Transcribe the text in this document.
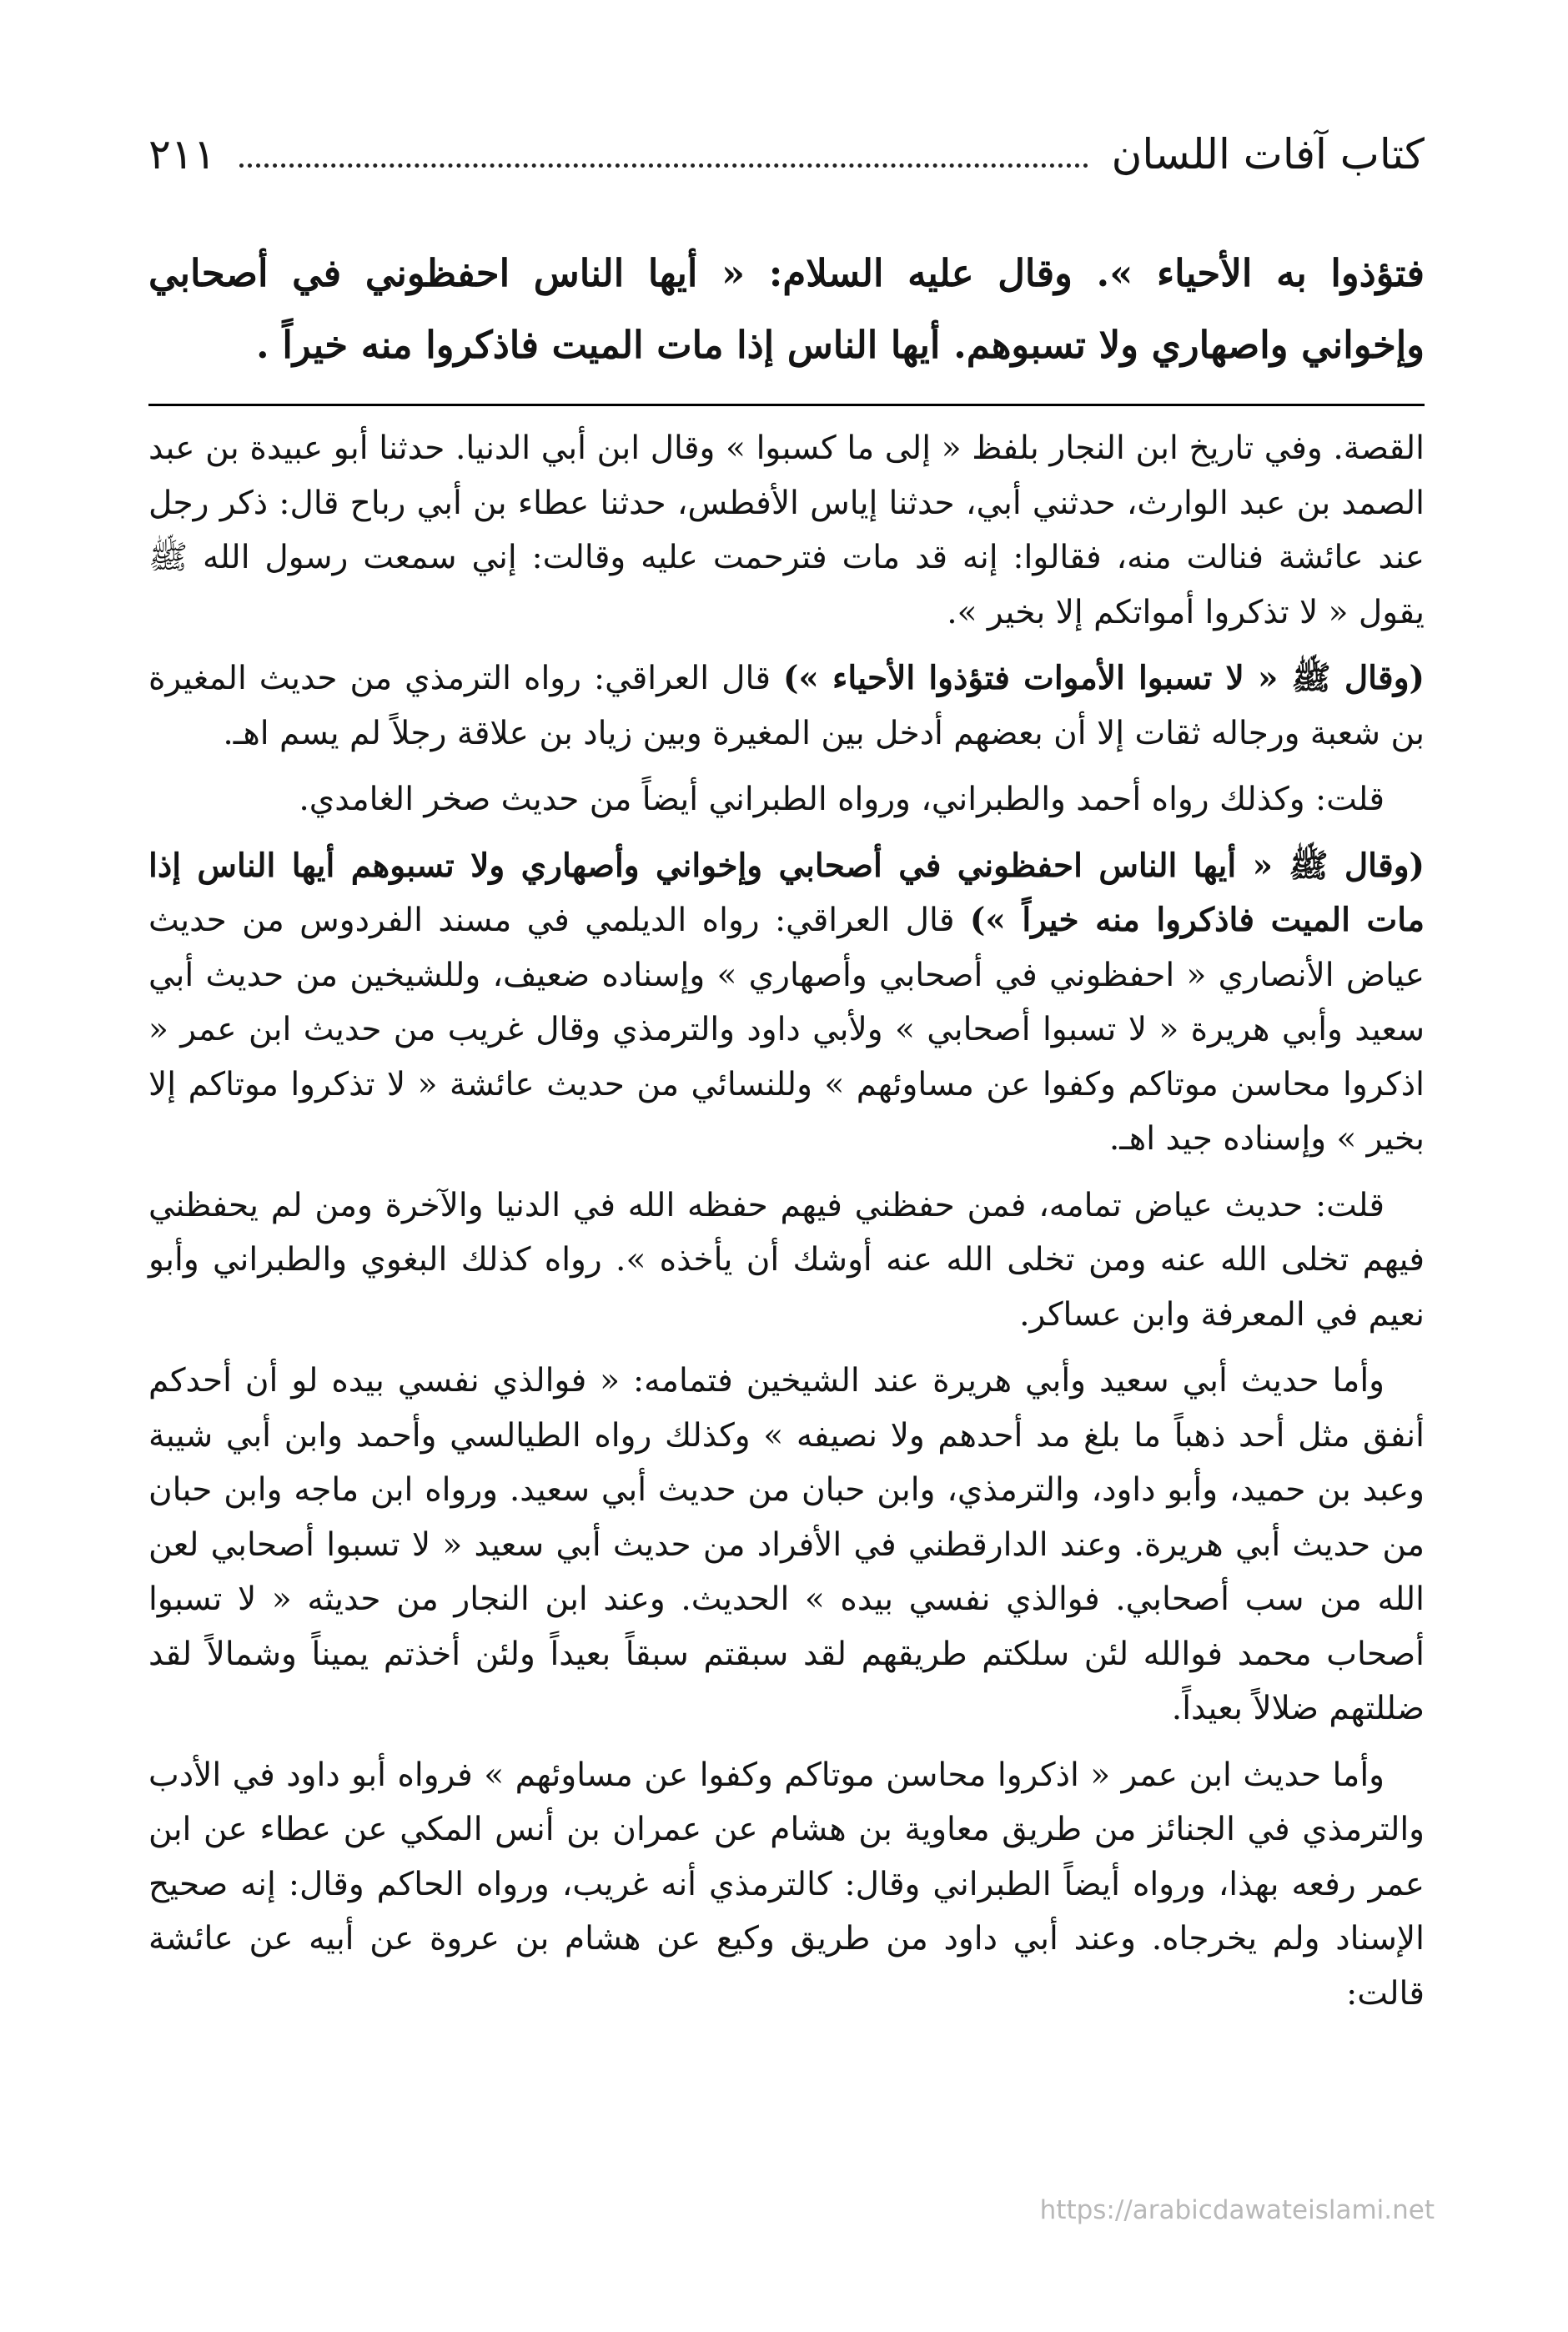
كتاب آفات اللسان
٢١١
فتؤذوا به الأحياء ». وقال عليه السلام: « أيها الناس احفظوني في أصحابي وإخواني واصهاري ولا تسبوهم. أيها الناس إذا مات الميت فاذكروا منه خيراً .

القصة. وفي تاريخ ابن النجار بلفظ « إلى ما كسبوا » وقال ابن أبي الدنيا. حدثنا أبو عبيدة بن عبد الصمد بن عبد الوارث، حدثني أبي، حدثنا إياس الأفطس، حدثنا عطاء بن أبي رباح قال: ذكر رجل عند عائشة فنالت منه، فقالوا: إنه قد مات فترحمت عليه وقالت: إني سمعت رسول الله ﷺ يقول « لا تذكروا أمواتكم إلا بخير ».

(وقال ﷺ « لا تسبوا الأموات فتؤذوا الأحياء ») قال العراقي: رواه الترمذي من حديث المغيرة بن شعبة ورجاله ثقات إلا أن بعضهم أدخل بين المغيرة وبين زياد بن علاقة رجلاً لم يسم اهـ.

قلت: وكذلك رواه أحمد والطبراني، ورواه الطبراني أيضاً من حديث صخر الغامدي.

(وقال ﷺ « أيها الناس احفظوني في أصحابي وإخواني وأصهاري ولا تسبوهم أيها الناس إذا مات الميت فاذكروا منه خيراً ») قال العراقي: رواه الديلمي في مسند الفردوس من حديث عياض الأنصاري « احفظوني في أصحابي وأصهاري » وإسناده ضعيف، وللشيخين من حديث أبي سعيد وأبي هريرة « لا تسبوا أصحابي » ولأبي داود والترمذي وقال غريب من حديث ابن عمر « اذكروا محاسن موتاكم وكفوا عن مساوئهم » وللنسائي من حديث عائشة « لا تذكروا موتاكم إلا بخير » وإسناده جيد اهـ.

قلت: حديث عياض تمامه، فمن حفظني فيهم حفظه الله في الدنيا والآخرة ومن لم يحفظني فيهم تخلى الله عنه ومن تخلى الله عنه أوشك أن يأخذه ». رواه كذلك البغوي والطبراني وأبو نعيم في المعرفة وابن عساكر.

وأما حديث أبي سعيد وأبي هريرة عند الشيخين فتمامه: « فوالذي نفسي بيده لو أن أحدكم أنفق مثل أحد ذهباً ما بلغ مد أحدهم ولا نصيفه » وكذلك رواه الطيالسي وأحمد وابن أبي شيبة وعبد بن حميد، وأبو داود، والترمذي، وابن حبان من حديث أبي سعيد. ورواه ابن ماجه وابن حبان من حديث أبي هريرة. وعند الدارقطني في الأفراد من حديث أبي سعيد « لا تسبوا أصحابي لعن الله من سب أصحابي. فوالذي نفسي بيده » الحديث. وعند ابن النجار من حديثه « لا تسبوا أصحاب محمد فوالله لئن سلكتم طريقهم لقد سبقتم سبقاً بعيداً ولئن أخذتم يميناً وشمالاً لقد ضللتهم ضلالاً بعيداً.

وأما حديث ابن عمر « اذكروا محاسن موتاكم وكفوا عن مساوئهم » فرواه أبو داود في الأدب والترمذي في الجنائز من طريق معاوية بن هشام عن عمران بن أنس المكي عن عطاء عن ابن عمر رفعه بهذا، ورواه أيضاً الطبراني وقال: كالترمذي أنه غريب، ورواه الحاكم وقال: إنه صحيح الإسناد ولم يخرجاه. وعند أبي داود من طريق وكيع عن هشام بن عروة عن أبيه عن عائشة قالت:

https://arabicdawateislami.net
